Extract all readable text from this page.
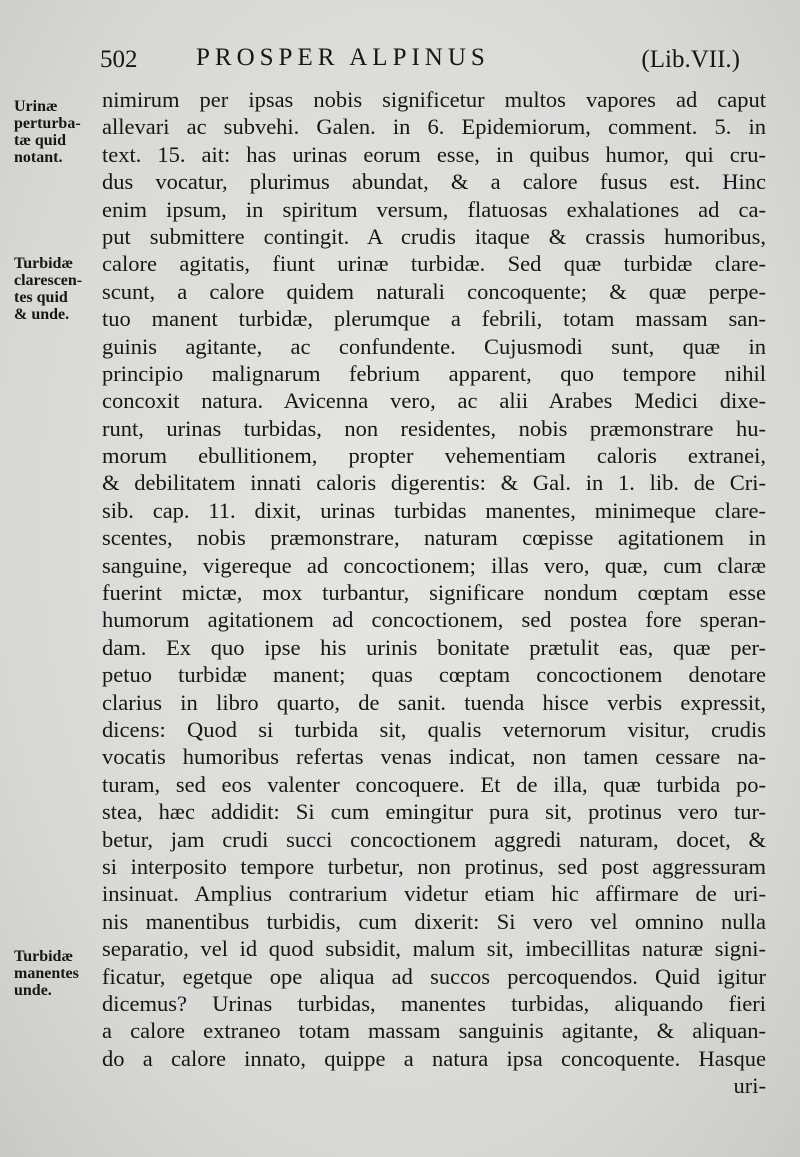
502 PROSPER ALPINUS	(Lib.VII.)
Urinæ
perturba-
tæ quid
notant.
Turbidæ
clarescen-
tes quid
& unde.
Turbidæ
manentes
unde.
nimirum per ipsas nobis significetur multos vapores ad caput
allevari ac subvehi. Galen. in 6. Epidemiorum, comment. 5. in
text. 15. ait: has urinas eorum esse, in quibus humor, qui cru-
dus vocatur, plurimus abundat, & a calore fusus est. Hinc
enim ipsum, in spiritum versum, flatuosas exhalationes ad ca-
put submittere contingit. A crudis itaque & crassis humoribus,
calore agitatis, fiunt urinæ turbidæ. Sed quæ turbidæ clare-
scunt, a calore quidem naturali concoquente; & quæ perpe-
tuo manent turbidæ, plerumque a febrili, totam massam san-
guinis agitante, ac confundente. Cujusmodi sunt, quæ in
principio malignarum febrium apparent, quo tempore nihil
concoxit natura. Avicenna vero, ac alii Arabes Medici dixe-
runt, urinas turbidas, non residentes, nobis præmonstrare hu-
morum ebullitionem, propter vehementiam caloris extranei,
& debilitatem innati caloris digerentis: & Gal. in 1. lib. de Cri-
sib. cap. 11. dixit, urinas turbidas manentes, minimeque clare-
scentes, nobis præmonstrare, naturam cœpisse agitationem in
sanguine, vigereque ad concoctionem; illas vero, quæ, cum claræ
fuerint mictæ, mox turbantur, significare nondum cœptam esse
humorum agitationem ad concoctionem, sed postea fore speran-
dam. Ex quo ipse his urinis bonitate prætulit eas, quæ per-
petuo turbidæ manent; quas cœptam concoctionem denotare
clarius in libro quarto, de sanit. tuenda hisce verbis expressit,
dicens: Quod si turbida sit, qualis veternorum visitur, crudis
vocatis humoribus refertas venas indicat, non tamen cessare na-
turam, sed eos valenter concoquere. Et de illa, quæ turbida po-
stea, hæc addidit: Si cum emingitur pura sit, protinus vero tur-
betur, jam crudi succi concoctionem aggredi naturam, docet, &
si interposito tempore turbetur, non protinus, sed post aggressuram
insinuat. Amplius contrarium videtur etiam hic affirmare de uri-
nis manentibus turbidis, cum dixerit: Si vero vel omnino nulla
separatio, vel id quod subsidit, malum sit, imbecillitas naturæ signi-
ficatur, egetque ope aliqua ad succos percoquendos. Quid igitur
dicemus? Urinas turbidas, manentes turbidas, aliquando fieri
a calore extraneo totam massam sanguinis agitante, & aliquan-
do a calore innato, quippe a natura ipsa concoquente. Hasque
uri-
